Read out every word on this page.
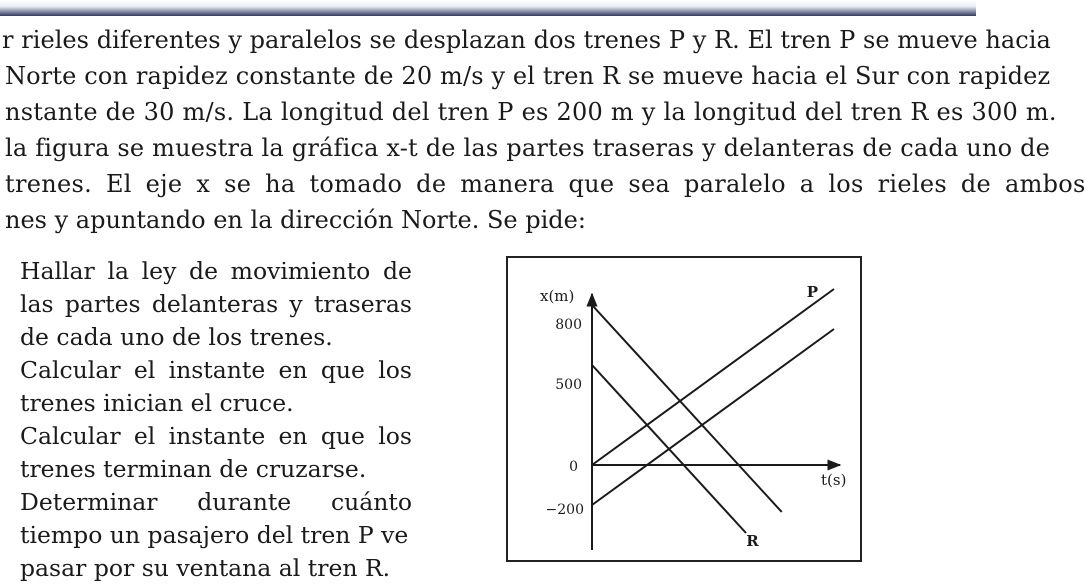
r rieles diferentes y paralelos se desplazan dos trenes P y R. El tren P se mueve hacia
Norte con rapidez constante de 20 m/s y el tren R se mueve hacia el Sur con rapidez
nstante de 30 m/s. La longitud del tren P es 200 m y la longitud del tren R es 300 m.
la figura se muestra la gráfica x-t de las partes traseras y delanteras de cada uno de
trenes. El eje x se ha tomado de manera que sea paralelo a los rieles de ambos
nes y apuntando en la dirección Norte. Se pide:
Hallar la ley de movimiento de
las partes delanteras y traseras
de cada uno de los trenes.
Calcular el instante en que los
trenes inician el cruce.
Calcular el instante en que los
trenes terminan de cruzarse.
Determinar durante cuánto
tiempo un pasajero del tren P ve
pasar por su ventana al tren R.
x(m)
t(s)
800
500
0
−200
P
R
